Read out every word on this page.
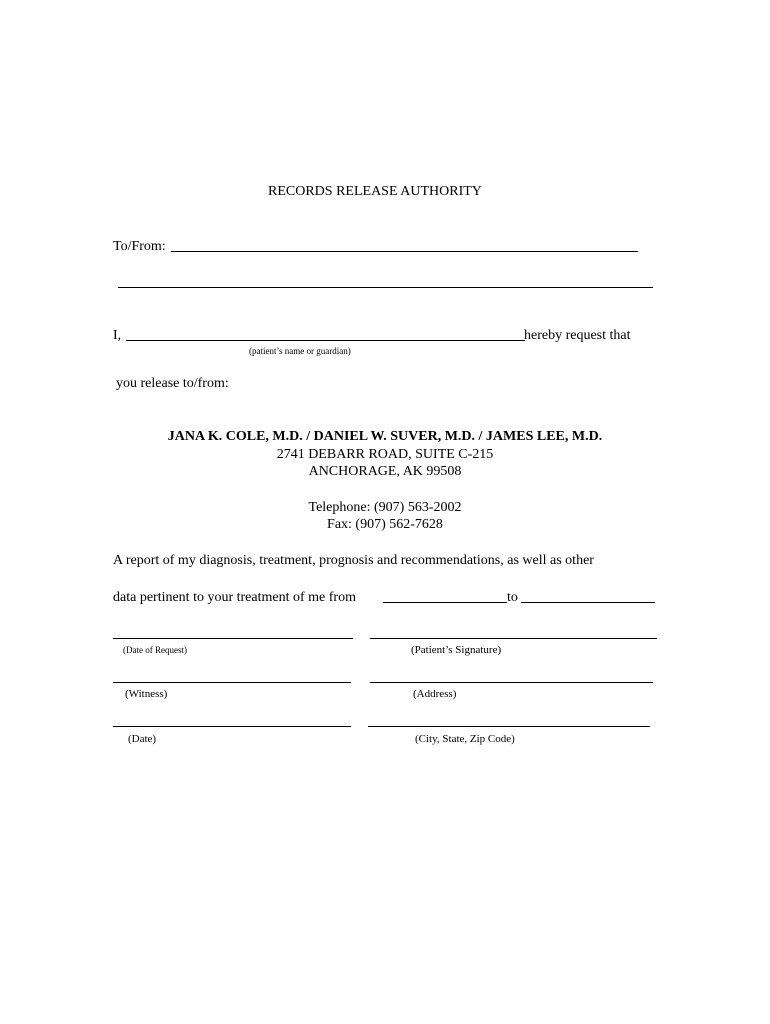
RECORDS RELEASE AUTHORITY
To/From:
I,	hereby request that
(patient’s name or guardian)
you release to/from:
JANA K. COLE, M.D. / DANIEL W. SUVER, M.D. / JAMES LEE, M.D.
2741 DEBARR ROAD, SUITE C-215
ANCHORAGE, AK 99508
Telephone: (907) 563-2002
Fax: (907) 562-7628
A report of my diagnosis, treatment, prognosis and recommendations, as well as other
data pertinent to your treatment of me from	to
(Date of Request)	(Patient’s Signature)
(Witness)	(Address)
(Date)	(City, State, Zip Code)
